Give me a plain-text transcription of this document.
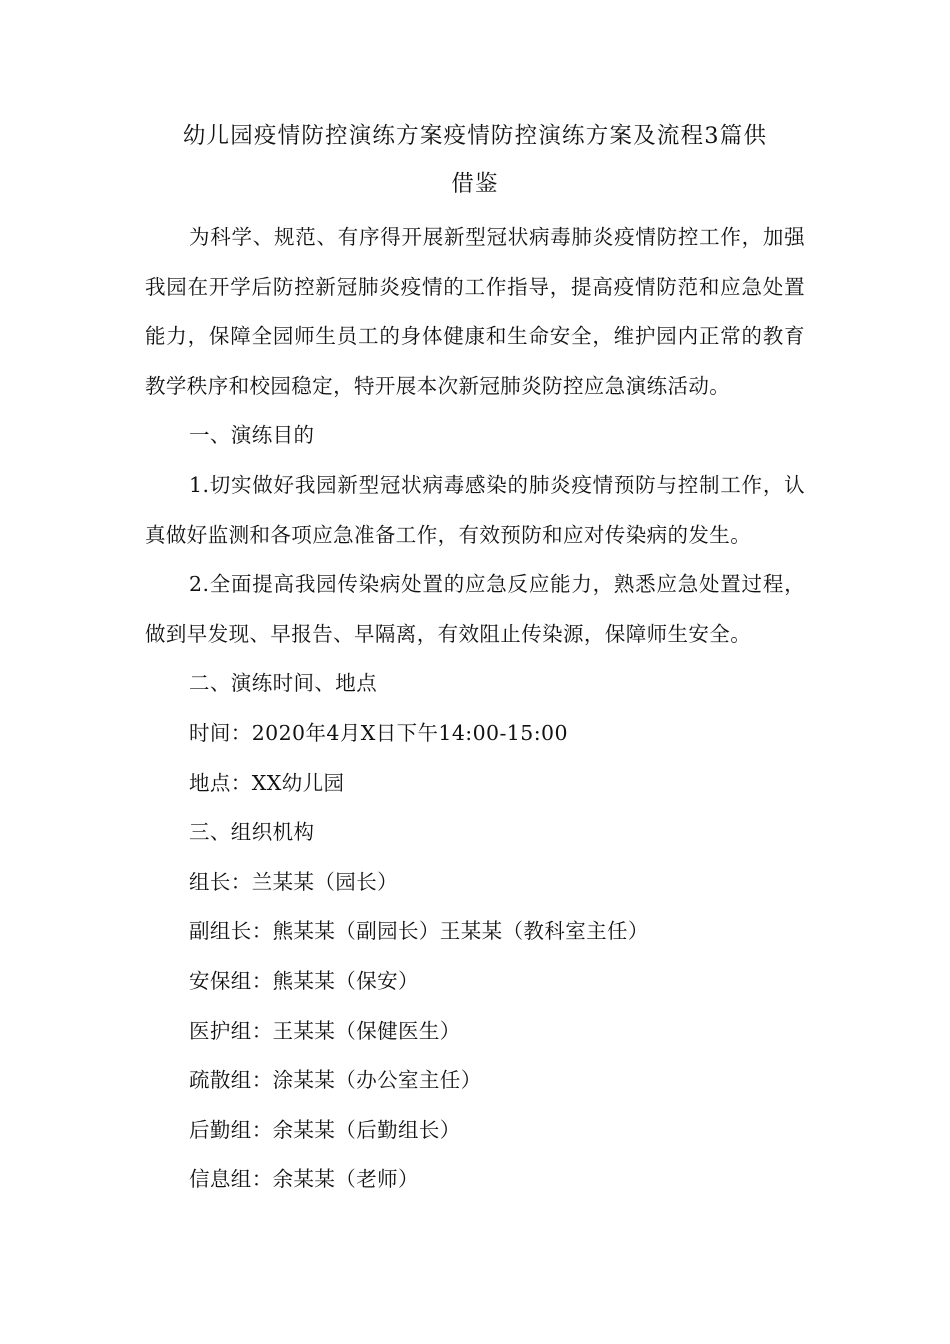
幼儿园疫情防控演练方案疫情防控演练方案及流程3篇供
借鉴

为科学、规范、有序得开展新型冠状病毒肺炎疫情防控工作，加强我园在开学后防控新冠肺炎疫情的工作指导，提高疫情防范和应急处置能力，保障全园师生员工的身体健康和生命安全，维护园内正常的教育教学秩序和校园稳定，特开展本次新冠肺炎防控应急演练活动。

一、演练目的

1.切实做好我园新型冠状病毒感染的肺炎疫情预防与控制工作，认真做好监测和各项应急准备工作，有效预防和应对传染病的发生。

2.全面提高我园传染病处置的应急反应能力，熟悉应急处置过程，做到早发现、早报告、早隔离，有效阻止传染源，保障师生安全。

二、演练时间、地点

时间：2020年4月X日下午14:00-15:00

地点：XX幼儿园

三、组织机构

组长：兰某某（园长）

副组长：熊某某（副园长）王某某（教科室主任）

安保组：熊某某（保安）

医护组：王某某（保健医生）

疏散组：涂某某（办公室主任）

后勤组：余某某（后勤组长）

信息组：余某某（老师）
